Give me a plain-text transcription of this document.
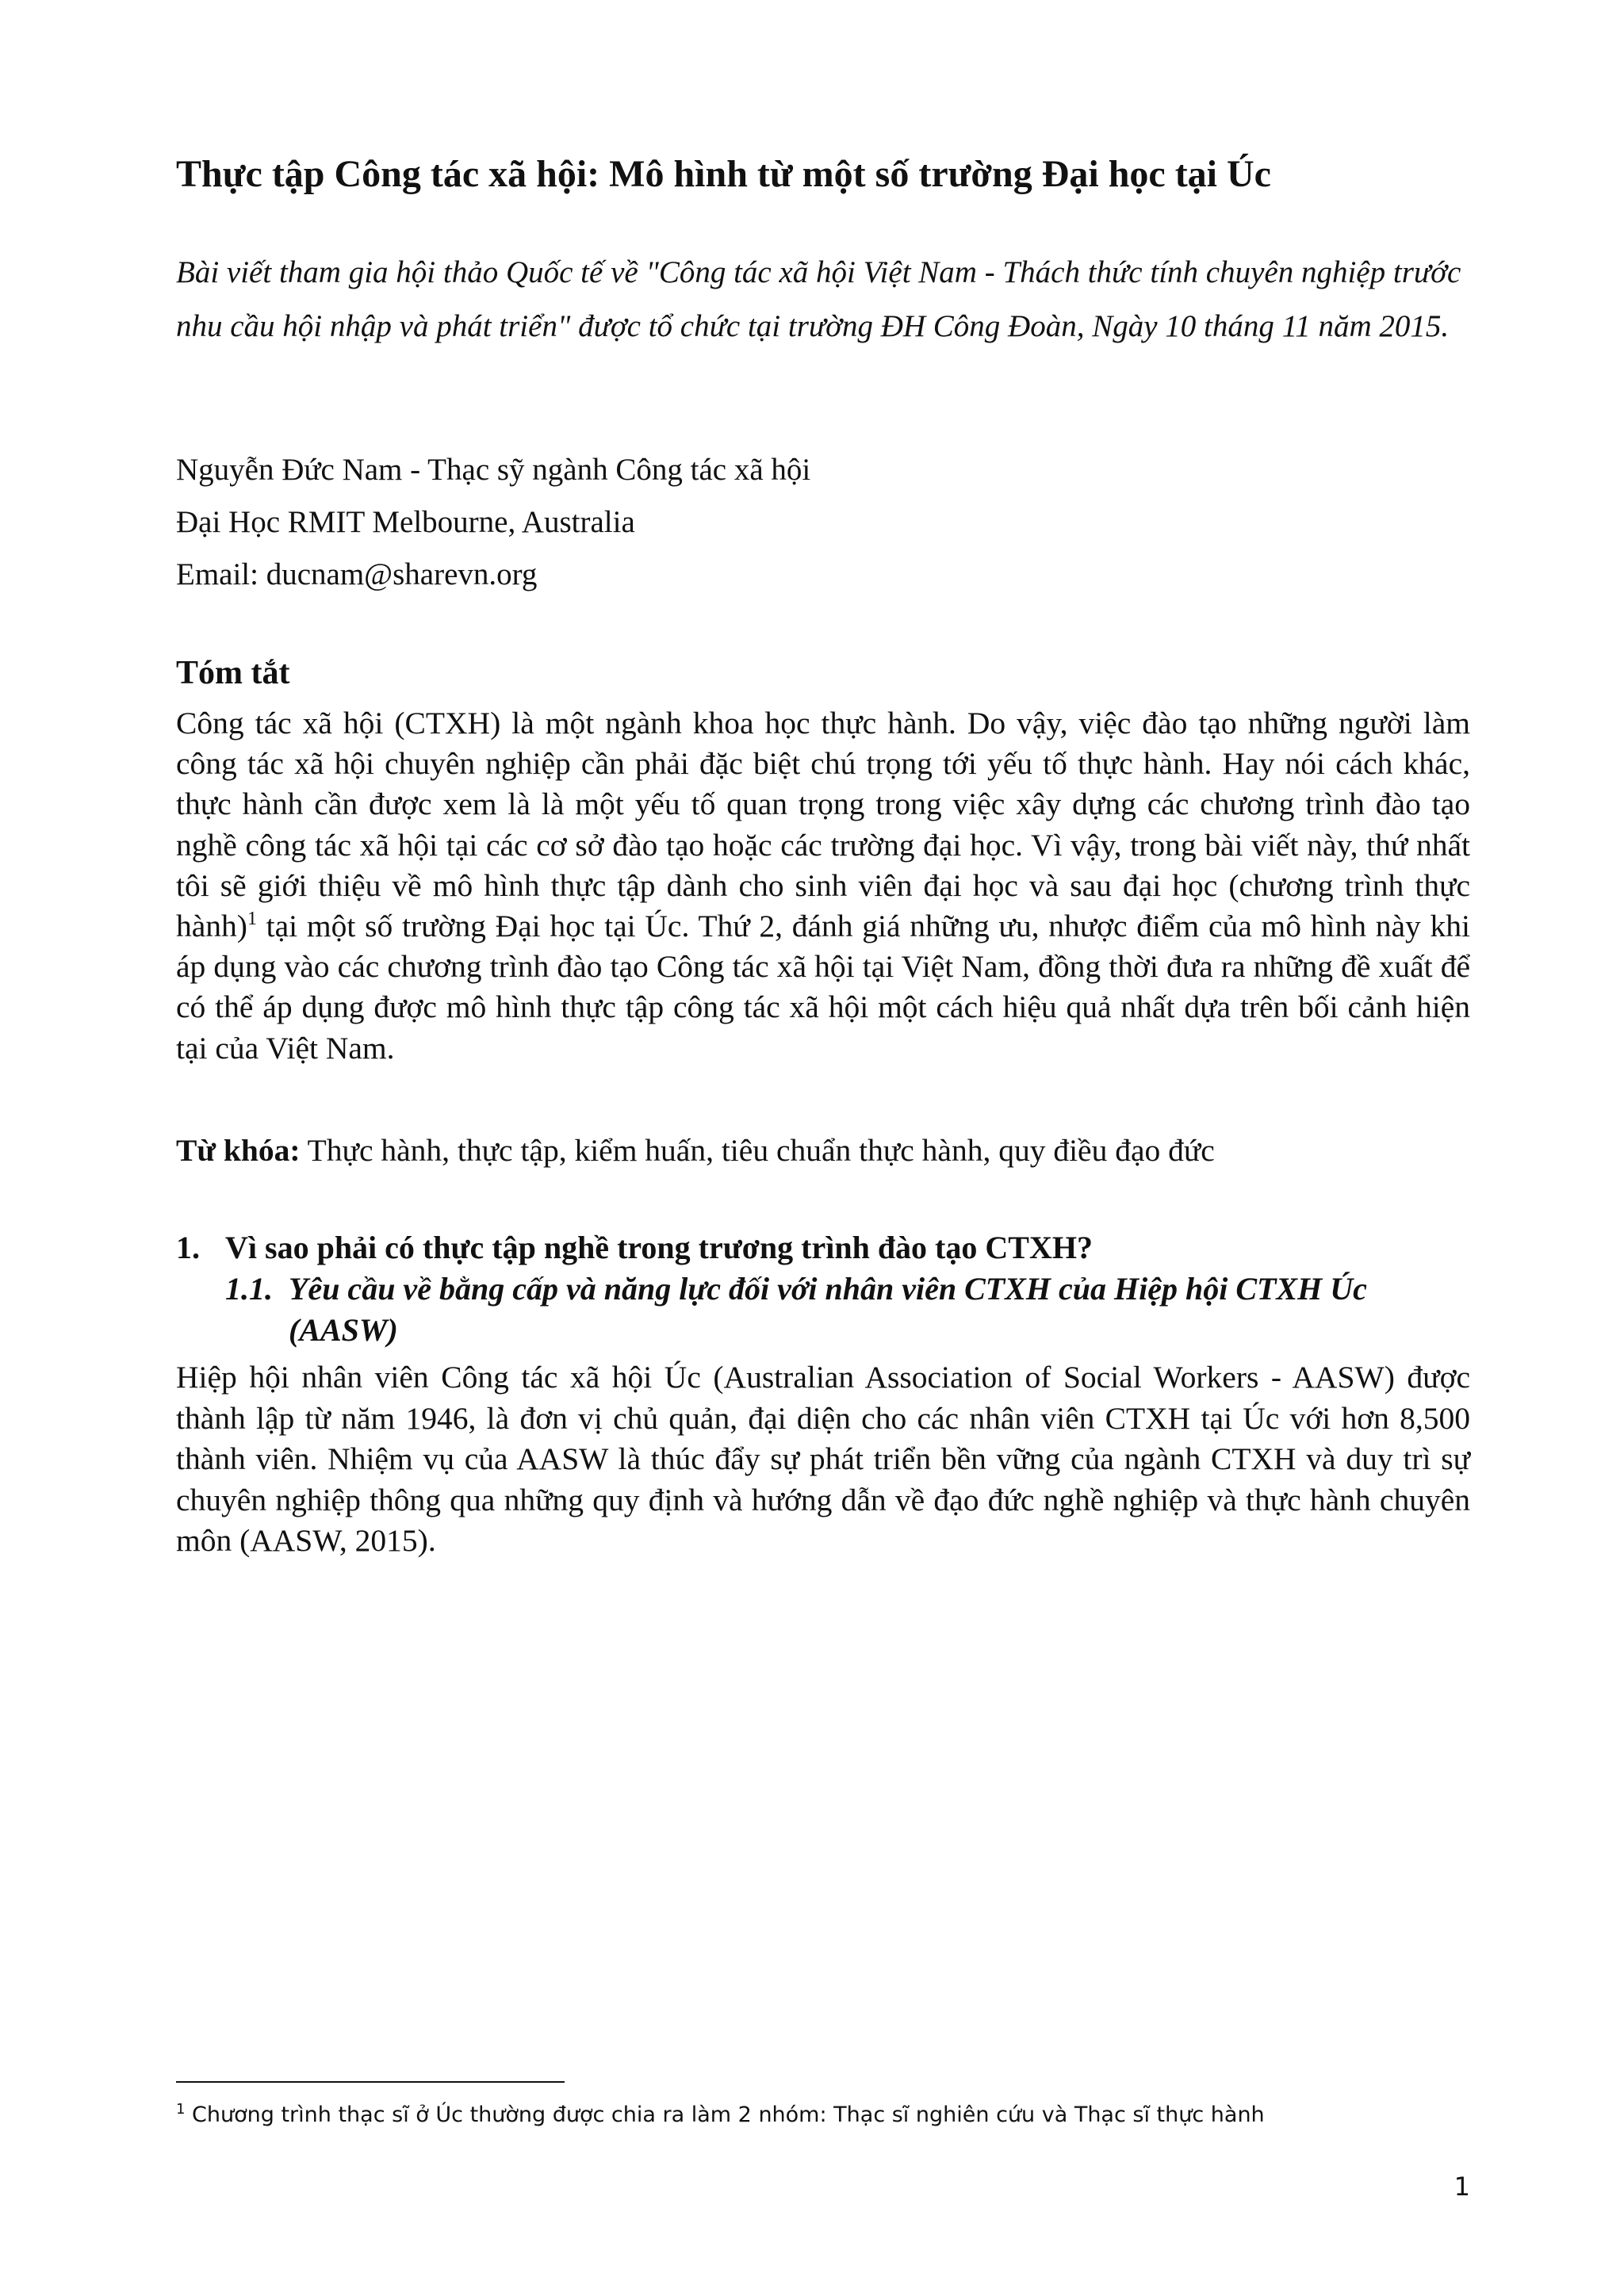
Thực tập Công tác xã hội: Mô hình từ một số trường Đại học tại Úc

Bài viết tham gia hội thảo Quốc tế về "Công tác xã hội Việt Nam - Thách thức tính chuyên nghiệp trước nhu cầu hội nhập và phát triển" được tổ chức tại trường ĐH Công Đoàn, Ngày 10 tháng 11 năm 2015.

Nguyễn Đức Nam - Thạc sỹ ngành Công tác xã hội

Đại Học RMIT Melbourne, Australia

Email: ducnam@sharevn.org

Tóm tắt

Công tác xã hội (CTXH) là một ngành khoa học thực hành. Do vậy, việc đào tạo những người làm công tác xã hội chuyên nghiệp cần phải đặc biệt chú trọng tới yếu tố thực hành. Hay nói cách khác, thực hành cần được xem là là một yếu tố quan trọng trong việc xây dựng các chương trình đào tạo nghề công tác xã hội tại các cơ sở đào tạo hoặc các trường đại học. Vì vậy, trong bài viết này, thứ nhất tôi sẽ giới thiệu về mô hình thực tập dành cho sinh viên đại học và sau đại học (chương trình thực hành)$^1$ tại một số trường Đại học tại Úc. Thứ 2, đánh giá những ưu, nhược điểm của mô hình này khi áp dụng vào các chương trình đào tạo Công tác xã hội tại Việt Nam, đồng thời đưa ra những đề xuất để có thể áp dụng được mô hình thực tập công tác xã hội một cách hiệu quả nhất dựa trên bối cảnh hiện tại của Việt Nam.

Từ khóa: Thực hành, thực tập, kiểm huấn, tiêu chuẩn thực hành, quy điều đạo đức

1. Vì sao phải có thực tập nghề trong trương trình đào tạo CTXH?
1.1. Yêu cầu về bằng cấp và năng lực đối với nhân viên CTXH của Hiệp hội CTXH Úc
(AASW)

Hiệp hội nhân viên Công tác xã hội Úc (Australian Association of Social Workers - AASW) được thành lập từ năm 1946, là đơn vị chủ quản, đại diện cho các nhân viên CTXH tại Úc với hơn 8,500 thành viên. Nhiệm vụ của AASW là thúc đẩy sự phát triển bền vững của ngành CTXH và duy trì sự chuyên nghiệp thông qua những quy định và hướng dẫn về đạo đức nghề nghiệp và thực hành chuyên môn (AASW, 2015).

$^1$ Chương trình thạc sĩ ở Úc thường được chia ra làm 2 nhóm: Thạc sĩ nghiên cứu và Thạc sĩ thực hành

1
